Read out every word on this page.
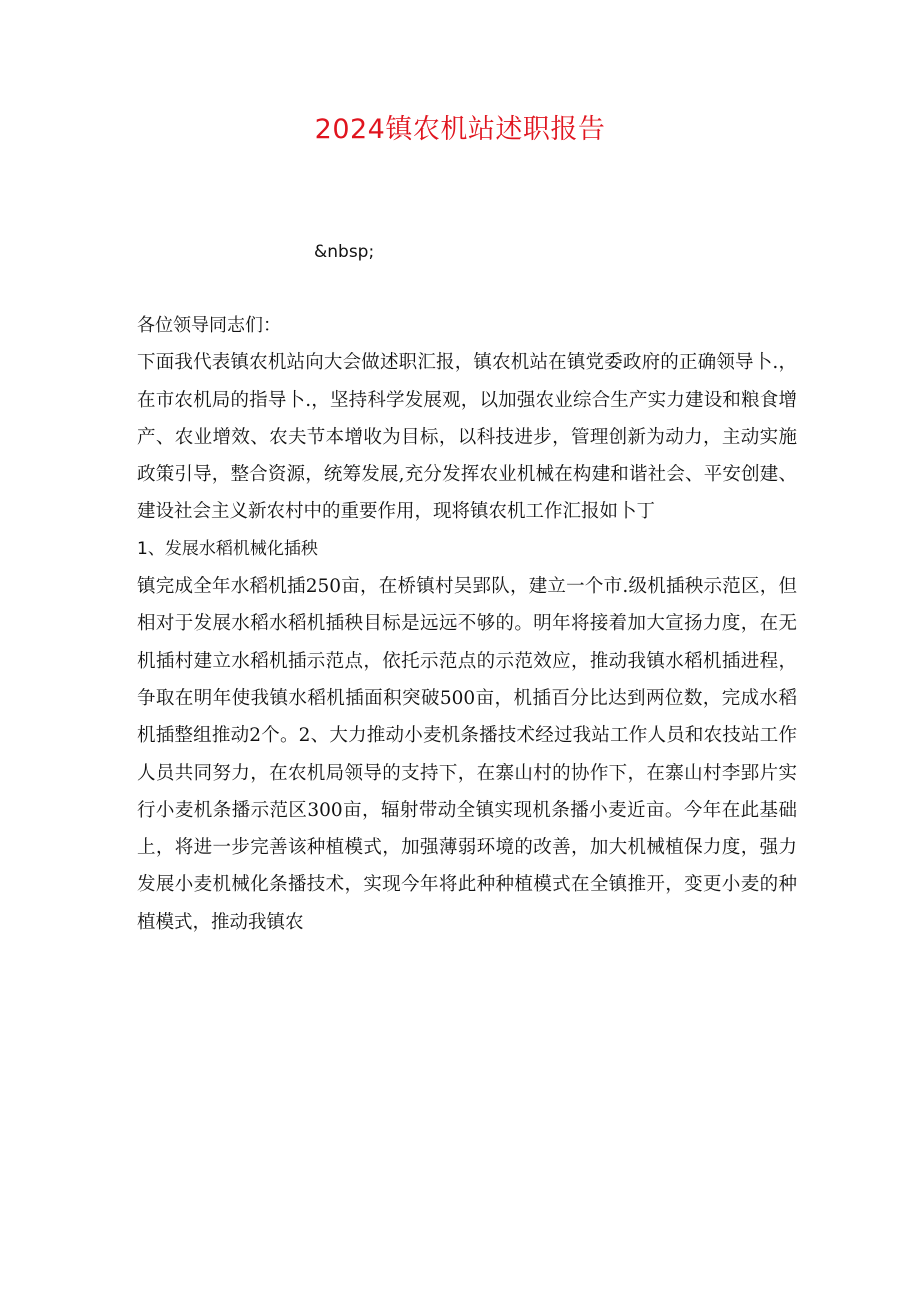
2024镇农机站述职报告
&nbsp;

各位领导同志们：

下面我代表镇农机站向大会做述职汇报，镇农机站在镇党委政府的正确领导卜.，在市农机局的指导卜.，坚持科学发展观，以加强农业综合生产实力建设和粮食增产、农业增效、农夫节本增收为目标，以科技进步，管理创新为动力，主动实施政策引导，整合资源，统筹发展,充分发挥农业机械在构建和谐社会、平安创建、建设社会主义新农村中的重要作用，现将镇农机工作汇报如卜丁

1、发展水稻机械化插秧

镇完成全年水稻机插250亩，在桥镇村吴郢队，建立一个市.级机插秧示范区，但相对于发展水稻水稻机插秧目标是远远不够的。明年将接着加大宣扬力度，在无机插村建立水稻机插示范点，依托示范点的示范效应，推动我镇水稻机插进程，争取在明年使我镇水稻机插面积突破500亩，机插百分比达到两位数，完成水稻机插整组推动2个。2、大力推动小麦机条播技术经过我站工作人员和农技站工作人员共同努力，在农机局领导的支持下，在寨山村的协作下，在寨山村李郢片实行小麦机条播示范区300亩，辐射带动全镇实现机条播小麦近亩。今年在此基础上，将进一步完善该种植模式，加强薄弱环境的改善，加大机械植保力度，强力发展小麦机械化条播技术，实现今年将此种种植模式在全镇推开，变更小麦的种植模式，推动我镇农
